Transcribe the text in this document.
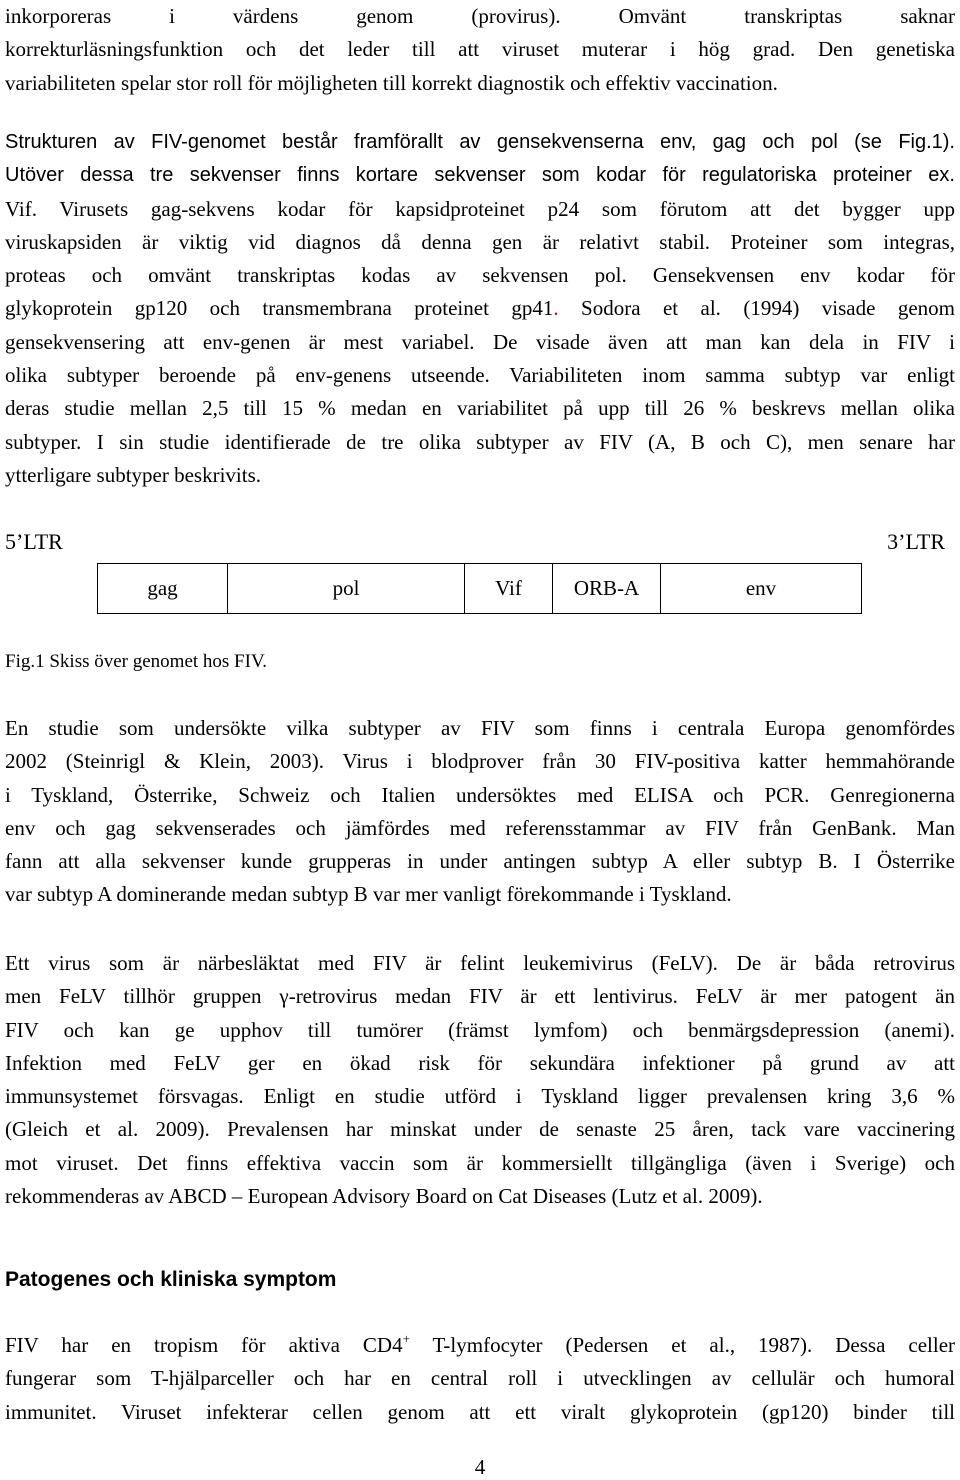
inkorporeras i värdens genom (provirus). Omvänt transkriptas saknar
korrekturläsningsfunktion och det leder till att viruset muterar i hög grad. Den genetiska
variabiliteten spelar stor roll för möjligheten till korrekt diagnostik och effektiv vaccination.

Strukturen av FIV-genomet består framförallt av gensekvenserna env, gag och pol (se Fig.1).
Utöver dessa tre sekvenser finns kortare sekvenser som kodar för regulatoriska proteiner ex.
Vif. Virusets gag-sekvens kodar för kapsidproteinet p24 som förutom att det bygger upp
viruskapsiden är viktig vid diagnos då denna gen är relativt stabil. Proteiner som integras,
proteas och omvänt transkriptas kodas av sekvensen pol. Gensekvensen env kodar för
glykoprotein gp120 och transmembrana proteinet gp41. Sodora et al. (1994) visade genom
gensekvensering att env-genen är mest variabel. De visade även att man kan dela in FIV i
olika subtyper beroende på env-genens utseende. Variabiliteten inom samma subtyp var enligt
deras studie mellan 2,5 till 15 % medan en variabilitet på upp till 26 % beskrevs mellan olika
subtyper. I sin studie identifierade de tre olika subtyper av FIV (A, B och C), men senare har
ytterligare subtyper beskrivits.

5’LTR	3’LTR

gag	pol	Vif	ORB-A	env

Fig.1 Skiss över genomet hos FIV.

En studie som undersökte vilka subtyper av FIV som finns i centrala Europa genomfördes
2002 (Steinrigl & Klein, 2003). Virus i blodprover från 30 FIV-positiva katter hemmahörande
i Tyskland, Österrike, Schweiz och Italien undersöktes med ELISA och PCR. Genregionerna
env och gag sekvenserades och jämfördes med referensstammar av FIV från GenBank. Man
fann att alla sekvenser kunde grupperas in under antingen subtyp A eller subtyp B. I Österrike
var subtyp A dominerande medan subtyp B var mer vanligt förekommande i Tyskland.

Ett virus som är närbesläktat med FIV är felint leukemivirus (FeLV). De är båda retrovirus
men FeLV tillhör gruppen γ-retrovirus medan FIV är ett lentivirus. FeLV är mer patogent än
FIV och kan ge upphov till tumörer (främst lymfom) och benmärgsdepression (anemi).
Infektion med FeLV ger en ökad risk för sekundära infektioner på grund av att
immunsystemet försvagas. Enligt en studie utförd i Tyskland ligger prevalensen kring 3,6 %
(Gleich et al. 2009). Prevalensen har minskat under de senaste 25 åren, tack vare vaccinering
mot viruset. Det finns effektiva vaccin som är kommersiellt tillgängliga (även i Sverige) och
rekommenderas av ABCD – European Advisory Board on Cat Diseases (Lutz et al. 2009).

Patogenes och kliniska symptom

FIV har en tropism för aktiva CD4+ T-lymfocyter (Pedersen et al., 1987). Dessa celler
fungerar som T-hjälparceller och har en central roll i utvecklingen av cellulär och humoral
immunitet. Viruset infekterar cellen genom att ett viralt glykoprotein (gp120) binder till

4
